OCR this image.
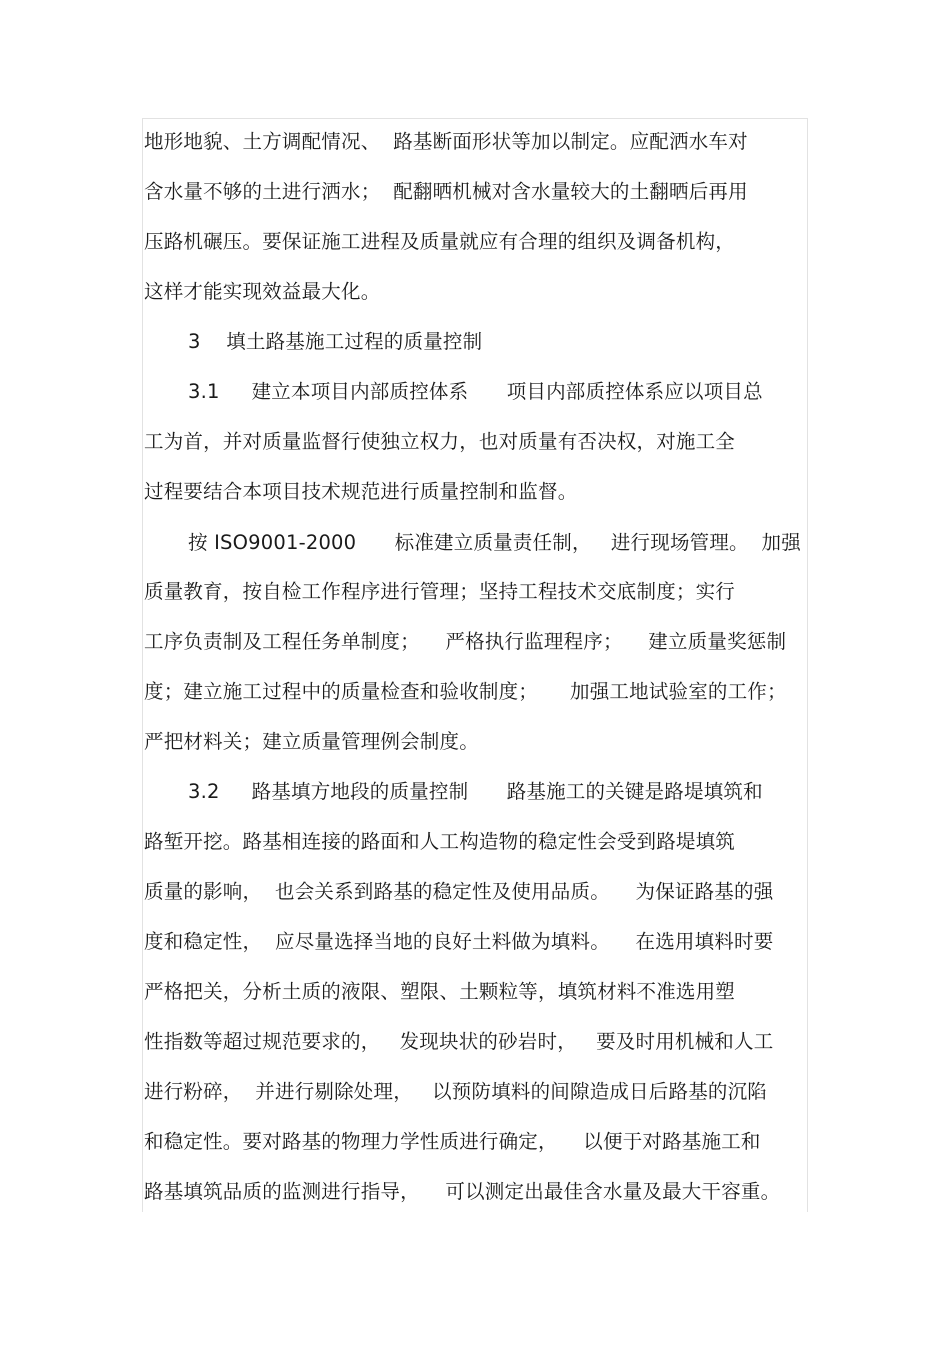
地形地貌、土方调配情况、  路基断面形状等加以制定。应配洒水车对
含水量不够的土进行洒水；  配翻晒机械对含水量较大的土翻晒后再用
压路机碾压。要保证施工进程及质量就应有合理的组织及调备机构，
这样才能实现效益最大化。
3    填土路基施工过程的质量控制
3.1     建立本项目内部质控体系      项目内部质控体系应以项目总
工为首，并对质量监督行使独立权力，也对质量有否决权，对施工全
过程要结合本项目技术规范进行质量控制和监督。
按 ISO9001-2000      标准建立质量责任制，   进行现场管理。  加强
质量教育，按自检工作程序进行管理；坚持工程技术交底制度；实行
工序负责制及工程任务单制度；    严格执行监理程序；    建立质量奖惩制
度；建立施工过程中的质量检查和验收制度；     加强工地试验室的工作；
严把材料关；建立质量管理例会制度。
3.2     路基填方地段的质量控制      路基施工的关键是路堤填筑和
路堑开挖。路基相连接的路面和人工构造物的稳定性会受到路堤填筑
质量的影响，  也会关系到路基的稳定性及使用品质。    为保证路基的强
度和稳定性，  应尽量选择当地的良好土料做为填料。    在选用填料时要
严格把关，分析土质的液限、塑限、土颗粒等，填筑材料不准选用塑
性指数等超过规范要求的，   发现块状的砂岩时，   要及时用机械和人工
进行粉碎，  并进行剔除处理，   以预防填料的间隙造成日后路基的沉陷
和稳定性。要对路基的物理力学性质进行确定，    以便于对路基施工和
路基填筑品质的监测进行指导，    可以测定出最佳含水量及最大干容重。
